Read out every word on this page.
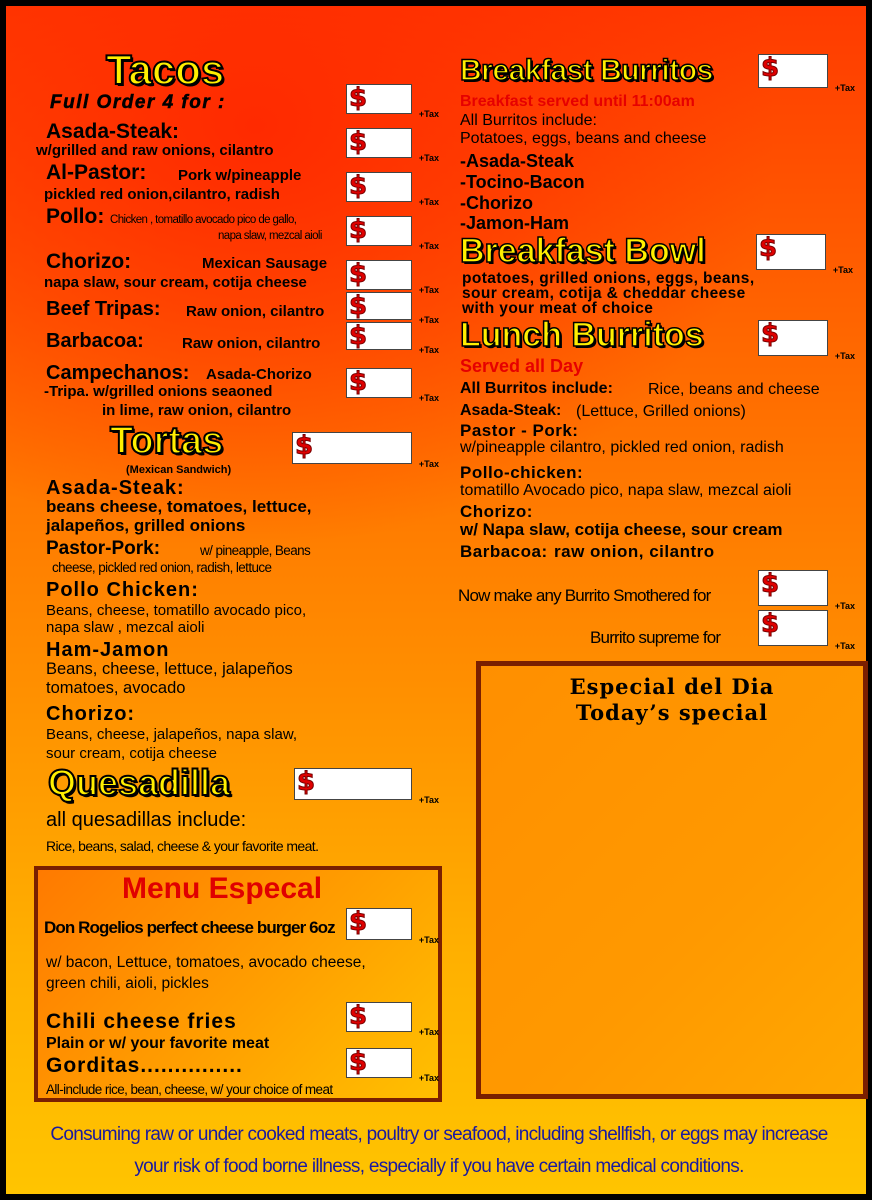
Tacos
Full Order 4 for :
Asada-Steak:
w/grilled and raw onions, cilantro
Al-Pastor: Pork w/pineapple
pickled red onion,cilantro, radish
Pollo: Chicken , tomatillo avocado pico de gallo,
napa slaw, mezcal aioli
Chorizo:	Mexican Sausage
napa slaw, sour cream, cotija cheese
Beef Tripas: Raw onion, cilantro
Barbacoa:	Raw onion, cilantro
Campechanos: Asada-Chorizo
-Tripa. w/grilled onions seaoned
in lime, raw onion, cilantro
$
+Tax
$
+Tax
$
+Tax
$
+Tax
$
+Tax
$	+Tax
$	+Tax
$
+Tax
Tortas
(Mexican Sandwich)
$
+Tax
Asada-Steak:
beans cheese, tomatoes, lettuce,
jalapeños, grilled onions
Pastor-Pork:	w/ pineapple, Beans
cheese, pickled red onion, radish, lettuce
Pollo Chicken:
Beans, cheese, tomatillo avocado pico,
napa slaw , mezcal aioli
Ham-Jamon
Beans, cheese, lettuce, jalapeños
tomatoes, avocado
Chorizo:
Beans, cheese, jalapeños, napa slaw,
sour cream, cotija cheese
Quesadilla	$
+Tax
all quesadillas include:
Rice, beans, salad, cheese & your favorite meat.
Menu Especal
Don Rogelios perfect cheese burger 6oz $
+Tax
w/ bacon, Lettuce, tomatoes, avocado cheese,
green chili, aioli, pickles
Chili cheese fries	$
+Tax
Plain or w/ your favorite meat
Gorditas...............	$
+Tax
All-include rice, bean, cheese, w/ your choice of meat
Breakfast Burritos $
+Tax
Breakfast served until 11:00am
All Burritos include:
Potatoes, eggs, beans and cheese
-Asada-Steak
-Tocino-Bacon
-Chorizo
-Jamon-Ham
Breakfast Bowl $
+Tax
potatoes, grilled onions, eggs, beans,
sour cream, cotija & cheddar cheese
with your meat of choice
Lunch Burritos $
+Tax
Served all Day
All Burritos include: Rice, beans and cheese
Asada-Steak: (Lettuce, Grilled onions)
Pastor - Pork:
w/pineapple cilantro, pickled red onion, radish
Pollo-chicken:
tomatillo Avocado pico, napa slaw, mezcal aioli
Chorizo:
w/ Napa slaw, cotija cheese, sour cream
Barbacoa: raw onion, cilantro
Now make any Burrito Smothered for $
+Tax
Burrito supreme for $
+Tax
Especial del Dia
Today’s special
Consuming raw or under cooked meats, poultry or seafood, including shellfish, or eggs may increase
your risk of food borne illness, especially if you have certain medical conditions.
